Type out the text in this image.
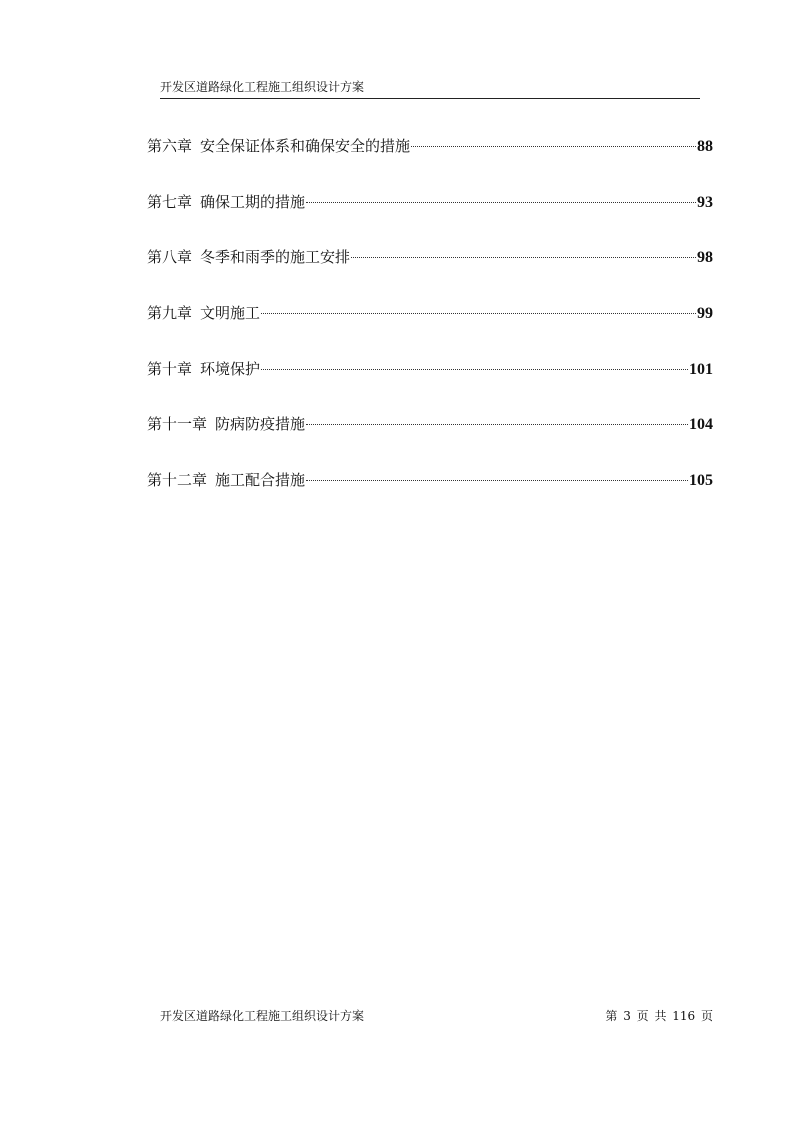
开发区道路绿化工程施工组织设计方案
第六章 安全保证体系和确保安全的措施	88
第七章 确保工期的措施	93
第八章 冬季和雨季的施工安排	98
第九章 文明施工	99
第十章 环境保护	101
第十一章 防病防疫措施	104
第十二章 施工配合措施	105
开发区道路绿化工程施工组织设计方案	第 3 页 共 116 页
